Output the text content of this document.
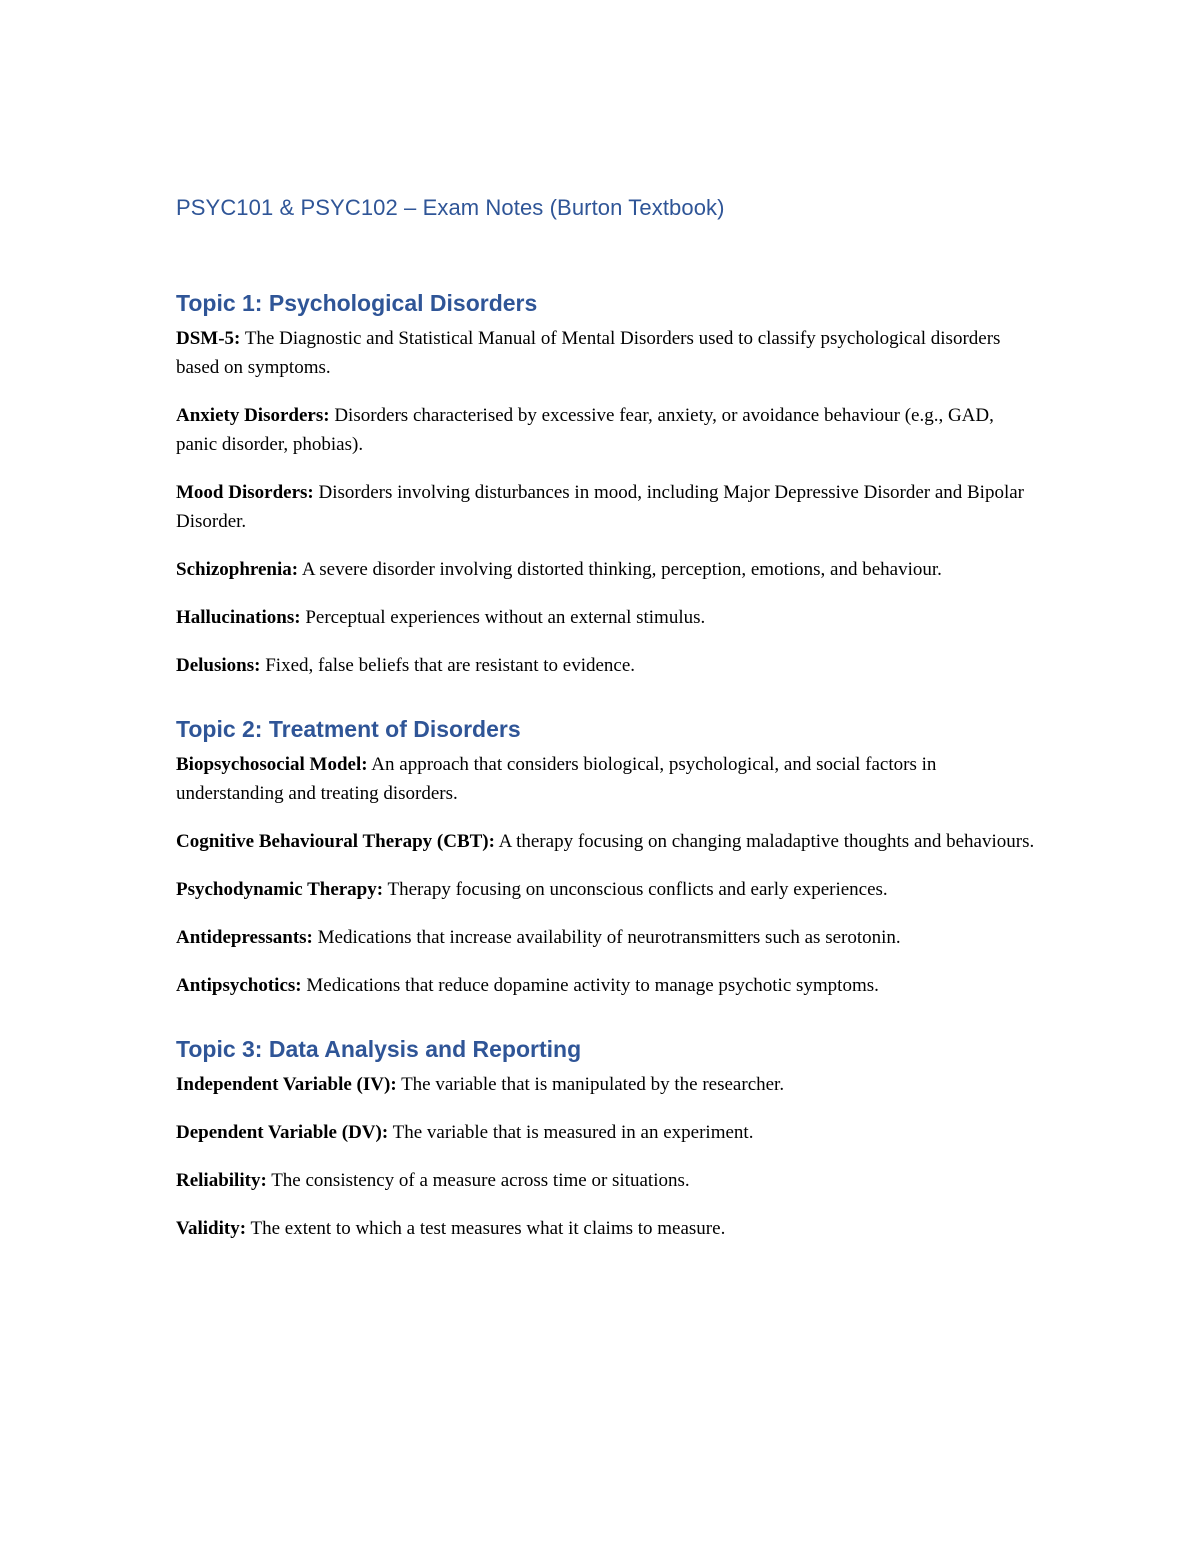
PSYC101 & PSYC102 – Exam Notes (Burton Textbook)
Topic 1: Psychological Disorders

DSM-5: The Diagnostic and Statistical Manual of Mental Disorders used to classify psychological disorders based on symptoms.

Anxiety Disorders: Disorders characterised by excessive fear, anxiety, or avoidance behaviour (e.g., GAD, panic disorder, phobias).

Mood Disorders: Disorders involving disturbances in mood, including Major Depressive Disorder and Bipolar Disorder.

Schizophrenia: A severe disorder involving distorted thinking, perception, emotions, and behaviour.

Hallucinations: Perceptual experiences without an external stimulus.

Delusions: Fixed, false beliefs that are resistant to evidence.

Topic 2: Treatment of Disorders

Biopsychosocial Model: An approach that considers biological, psychological, and social factors in understanding and treating disorders.

Cognitive Behavioural Therapy (CBT): A therapy focusing on changing maladaptive thoughts and behaviours.

Psychodynamic Therapy: Therapy focusing on unconscious conflicts and early experiences.

Antidepressants: Medications that increase availability of neurotransmitters such as serotonin.

Antipsychotics: Medications that reduce dopamine activity to manage psychotic symptoms.

Topic 3: Data Analysis and Reporting

Independent Variable (IV): The variable that is manipulated by the researcher.

Dependent Variable (DV): The variable that is measured in an experiment.

Reliability: The consistency of a measure across time or situations.

Validity: The extent to which a test measures what it claims to measure.
